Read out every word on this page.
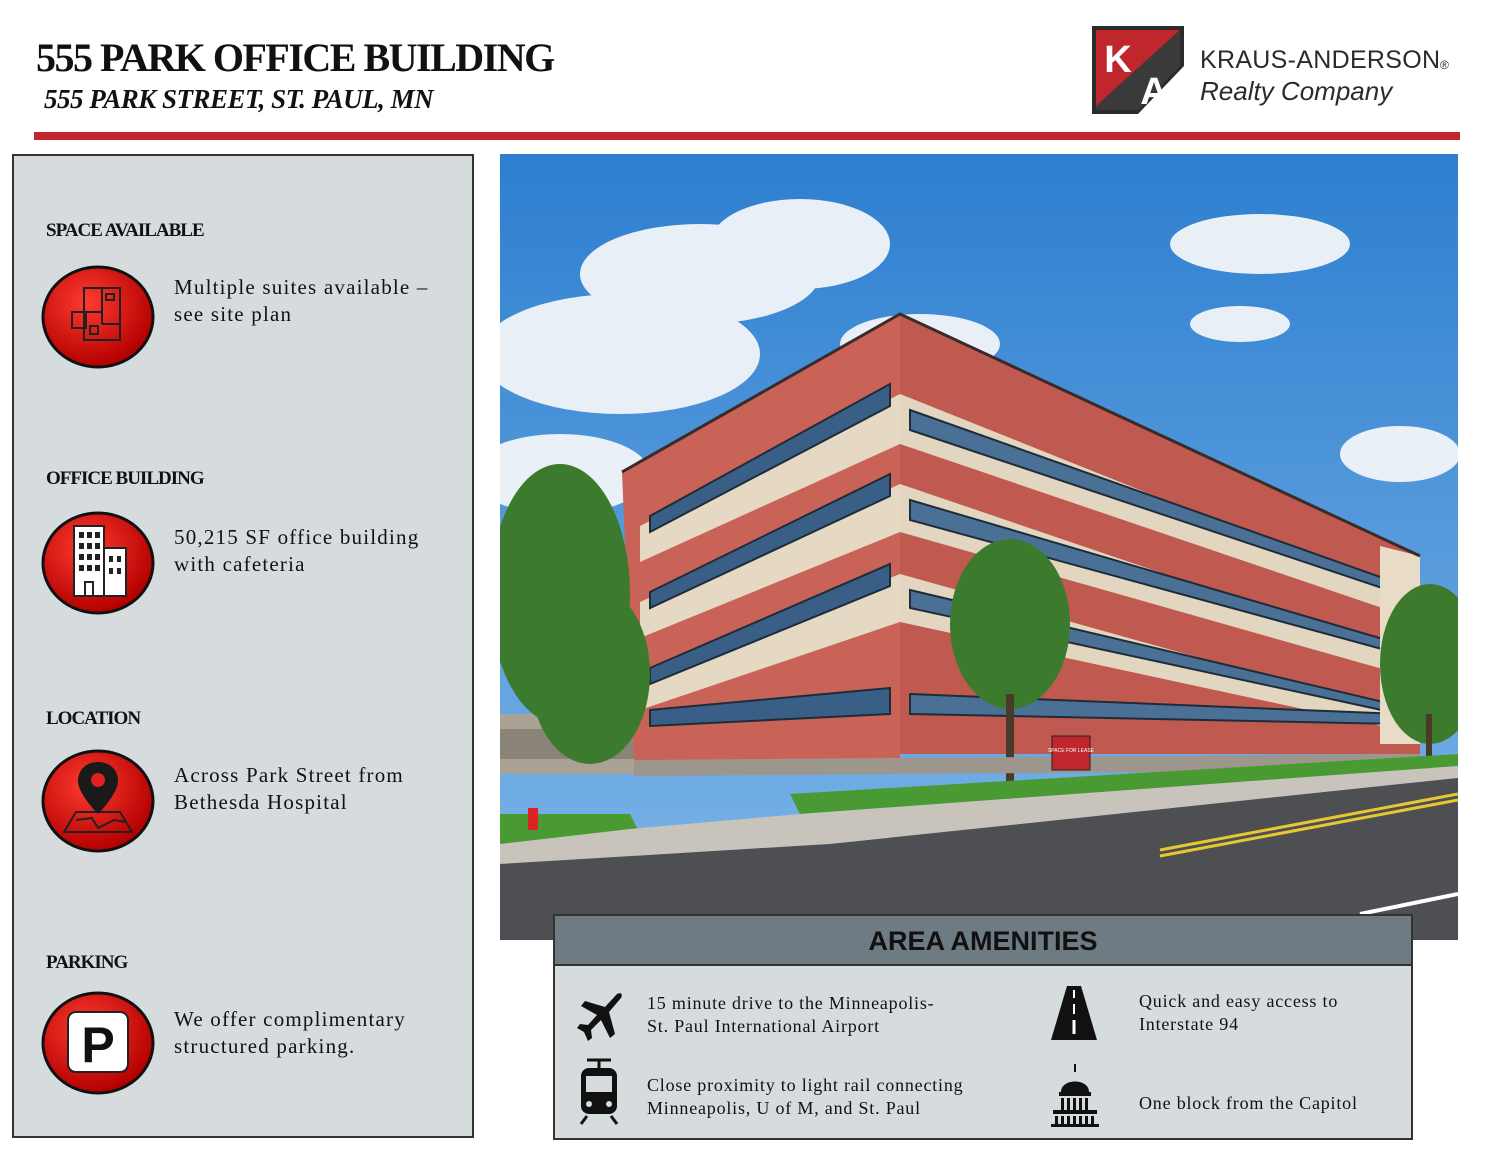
555 PARK OFFICE BUILDING
555 PARK STREET, ST. PAUL, MN
K
A
KRAUS-ANDERSON ®
Realty Company
SPACE AVAILABLE

Multiple suites available –
see site plan

OFFICE BUILDING

50,215 SF office building
with cafeteria

LOCATION

Across Park Street from
Bethesda Hospital

PARKING
P	We offer complimentary
structured parking.

SPACE FOR LEASE
AREA AMENITIES

15 minute drive to the Minneapolis-
St. Paul International Airport

Quick and easy access to
Interstate 94

Close proximity to light rail connecting
Minneapolis, U of M, and St. Paul	One block from the Capitol
